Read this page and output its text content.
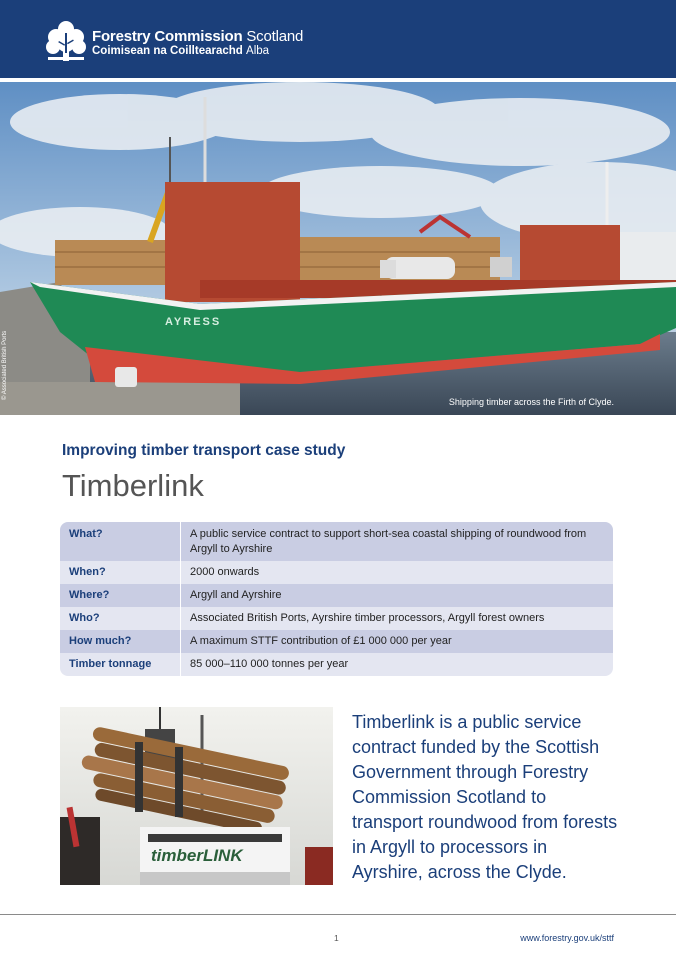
Forestry Commission Scotland
Coimisean na Coilltearachd Alba
AYRESS
© Associated British Ports
Shipping timber across the Firth of Clyde.
Improving timber transport case study
Timberlink
What?	A public service contract to support short-sea coastal shipping of roundwood from Argyll to Ayrshire
When?	2000 onwards
Where?	Argyll and Ayrshire
Who?	Associated British Ports, Ayrshire timber processors, Argyll forest owners
How much?	A maximum STTF contribution of £1 000 000 per year
Timber tonnage	85 000–110 000 tonnes per year
timberLINK
Timberlink is a public service contract funded by the Scottish Government through Forestry Commission Scotland to transport roundwood from forests in Argyll to processors in Ayrshire, across the Clyde.
1	www.forestry.gov.uk/sttf
